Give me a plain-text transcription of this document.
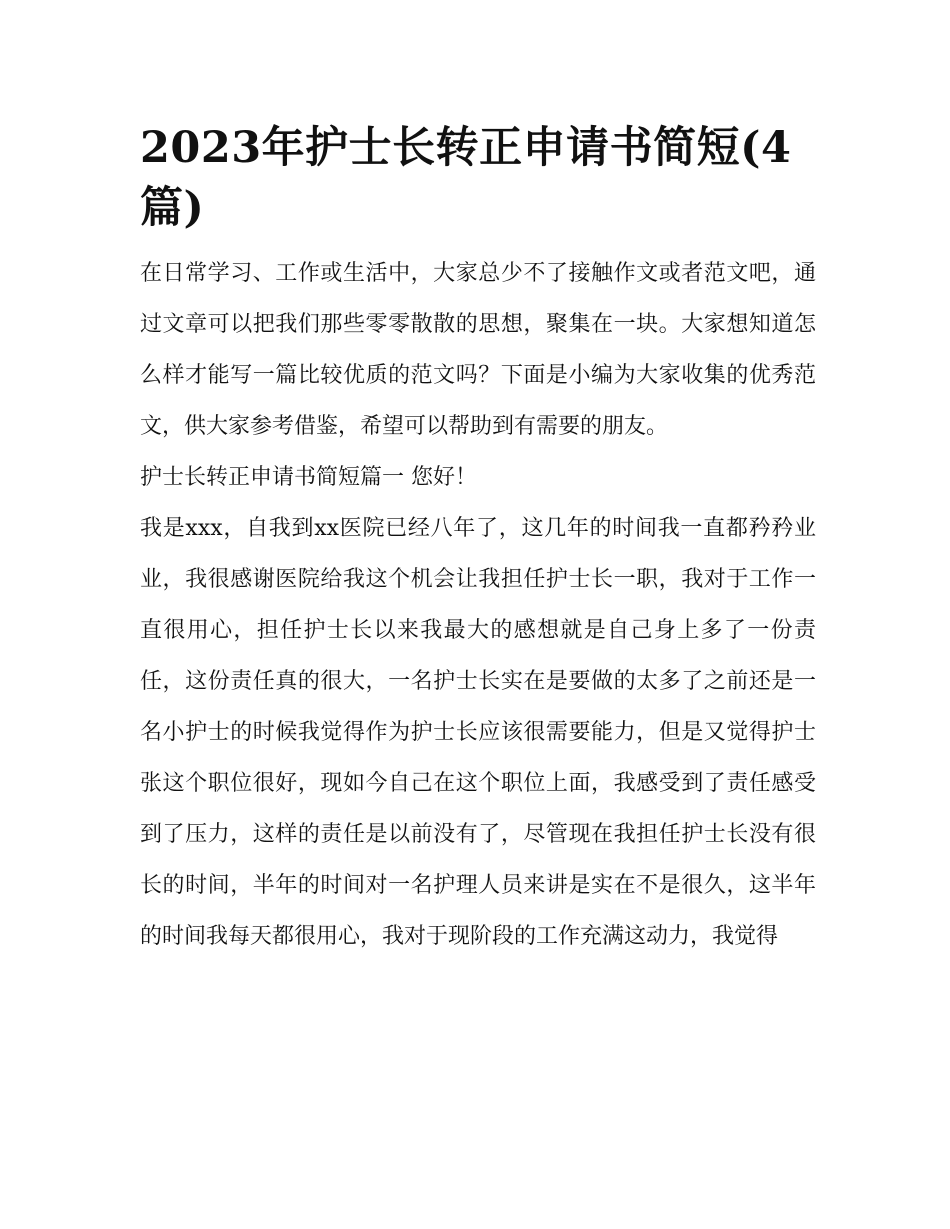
2023年护士长转正申请书简短(4篇)

在日常学习、工作或生活中，大家总少不了接触作文或者范文吧，通过文章可以把我们那些零零散散的思想，聚集在一块。大家想知道怎么样才能写一篇比较优质的范文吗？下面是小编为大家收集的优秀范文，供大家参考借鉴，希望可以帮助到有需要的朋友。

护士长转正申请书简短篇一 您好！

我是xxx，自我到xx医院已经八年了，这几年的时间我一直都矜矜业业，我很感谢医院给我这个机会让我担任护士长一职，我对于工作一直很用心，担任护士长以来我最大的感想就是自己身上多了一份责任，这份责任真的很大，一名护士长实在是要做的太多了之前还是一名小护士的时候我觉得作为护士长应该很需要能力，但是又觉得护士张这个职位很好，现如今自己在这个职位上面，我感受到了责任感受到了压力，这样的责任是以前没有了，尽管现在我担任护士长没有很长的时间，半年的时间对一名护理人员来讲是实在不是很久，这半年的时间我每天都很用心，我对于现阶段的工作充满这动力，我觉得
